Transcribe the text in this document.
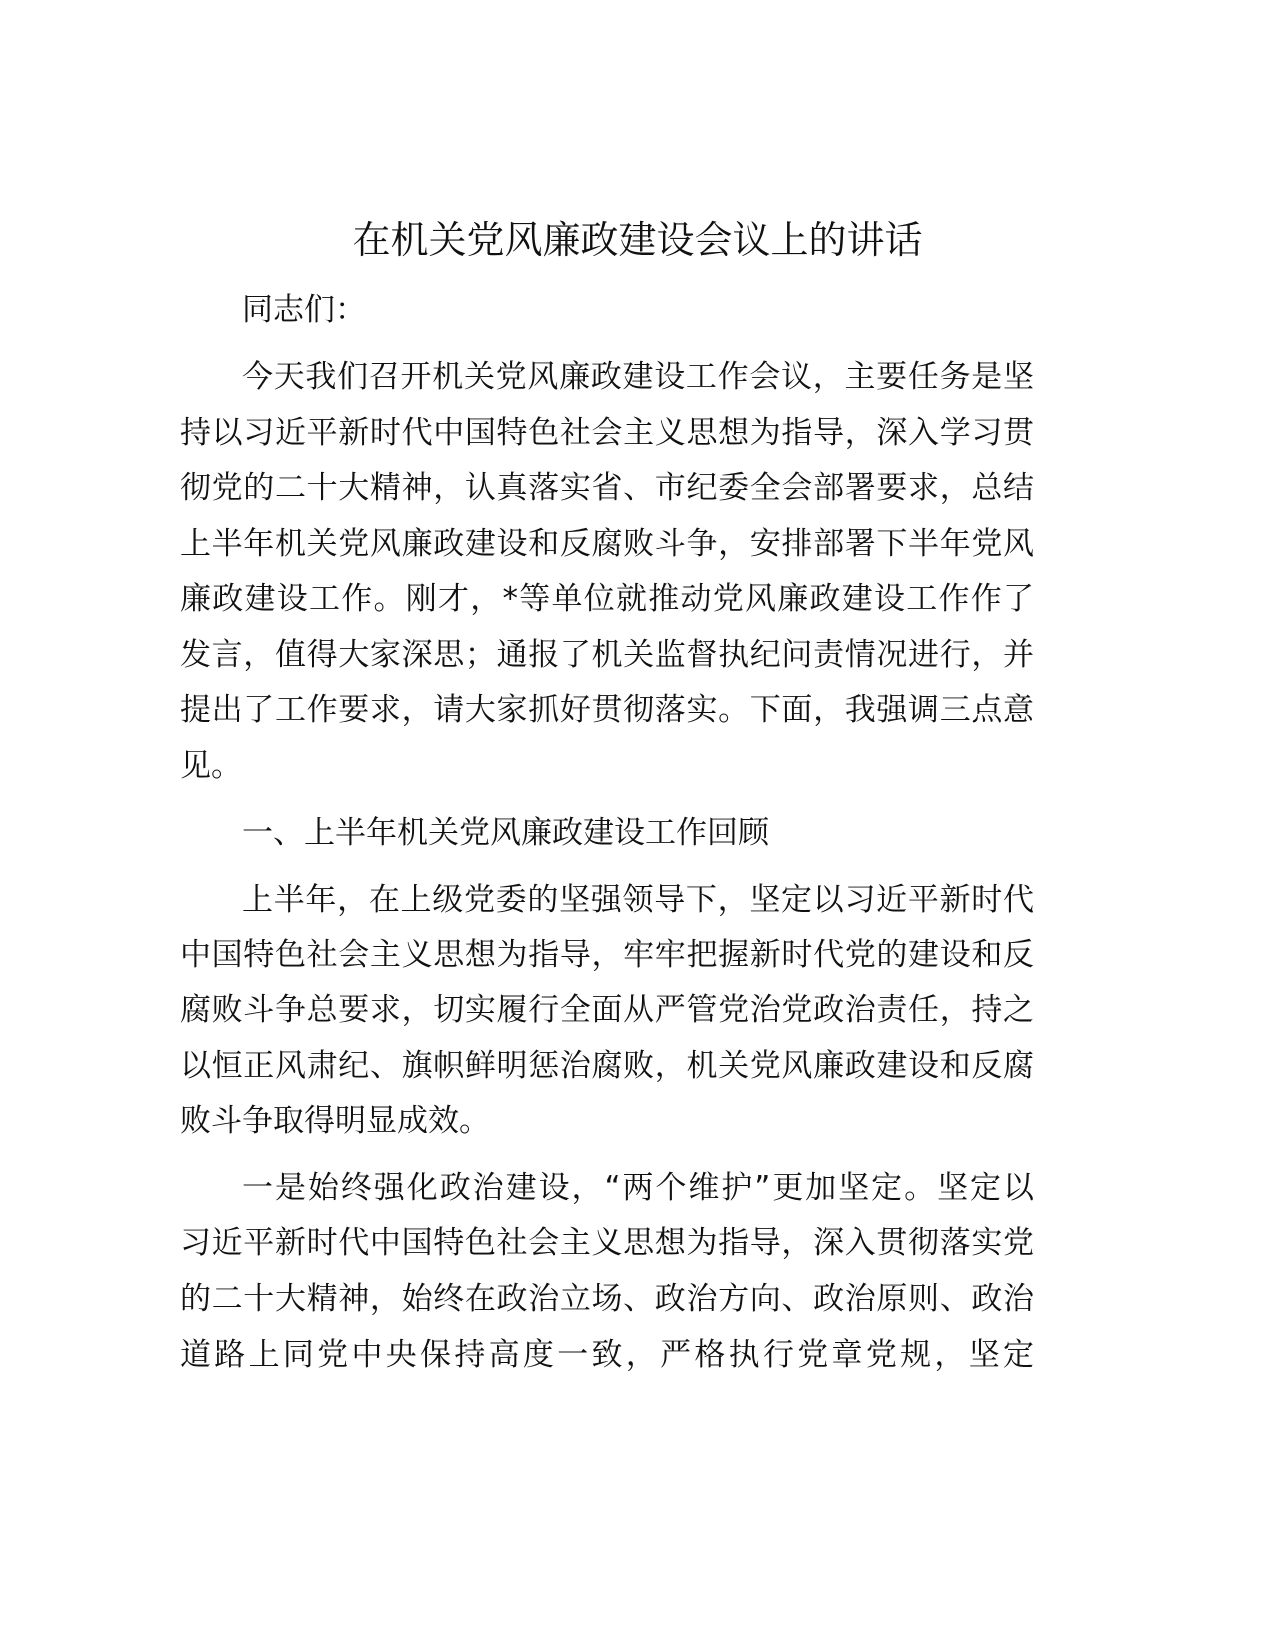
在机关党风廉政建设会议上的讲话
同志们：
今天我们召开机关党风廉政建设工作会议，主要任务是坚
持以习近平新时代中国特色社会主义思想为指导，深入学习贯
彻党的二十大精神，认真落实省、市纪委全会部署要求，总结
上半年机关党风廉政建设和反腐败斗争，安排部署下半年党风
廉政建设工作。刚才，*等单位就推动党风廉政建设工作作了
发言，值得大家深思；通报了机关监督执纪问责情况进行，并
提出了工作要求，请大家抓好贯彻落实。下面，我强调三点意
见。
一、上半年机关党风廉政建设工作回顾
上半年，在上级党委的坚强领导下，坚定以习近平新时代
中国特色社会主义思想为指导，牢牢把握新时代党的建设和反
腐败斗争总要求，切实履行全面从严管党治党政治责任，持之
以恒正风肃纪、旗帜鲜明惩治腐败，机关党风廉政建设和反腐
败斗争取得明显成效。
一是始终强化政治建设，“两个维护”更加坚定。坚定以
习近平新时代中国特色社会主义思想为指导，深入贯彻落实党
的二十大精神，始终在政治立场、政治方向、政治原则、政治
道路上同党中央保持高度一致，严格执行党章党规，坚定
